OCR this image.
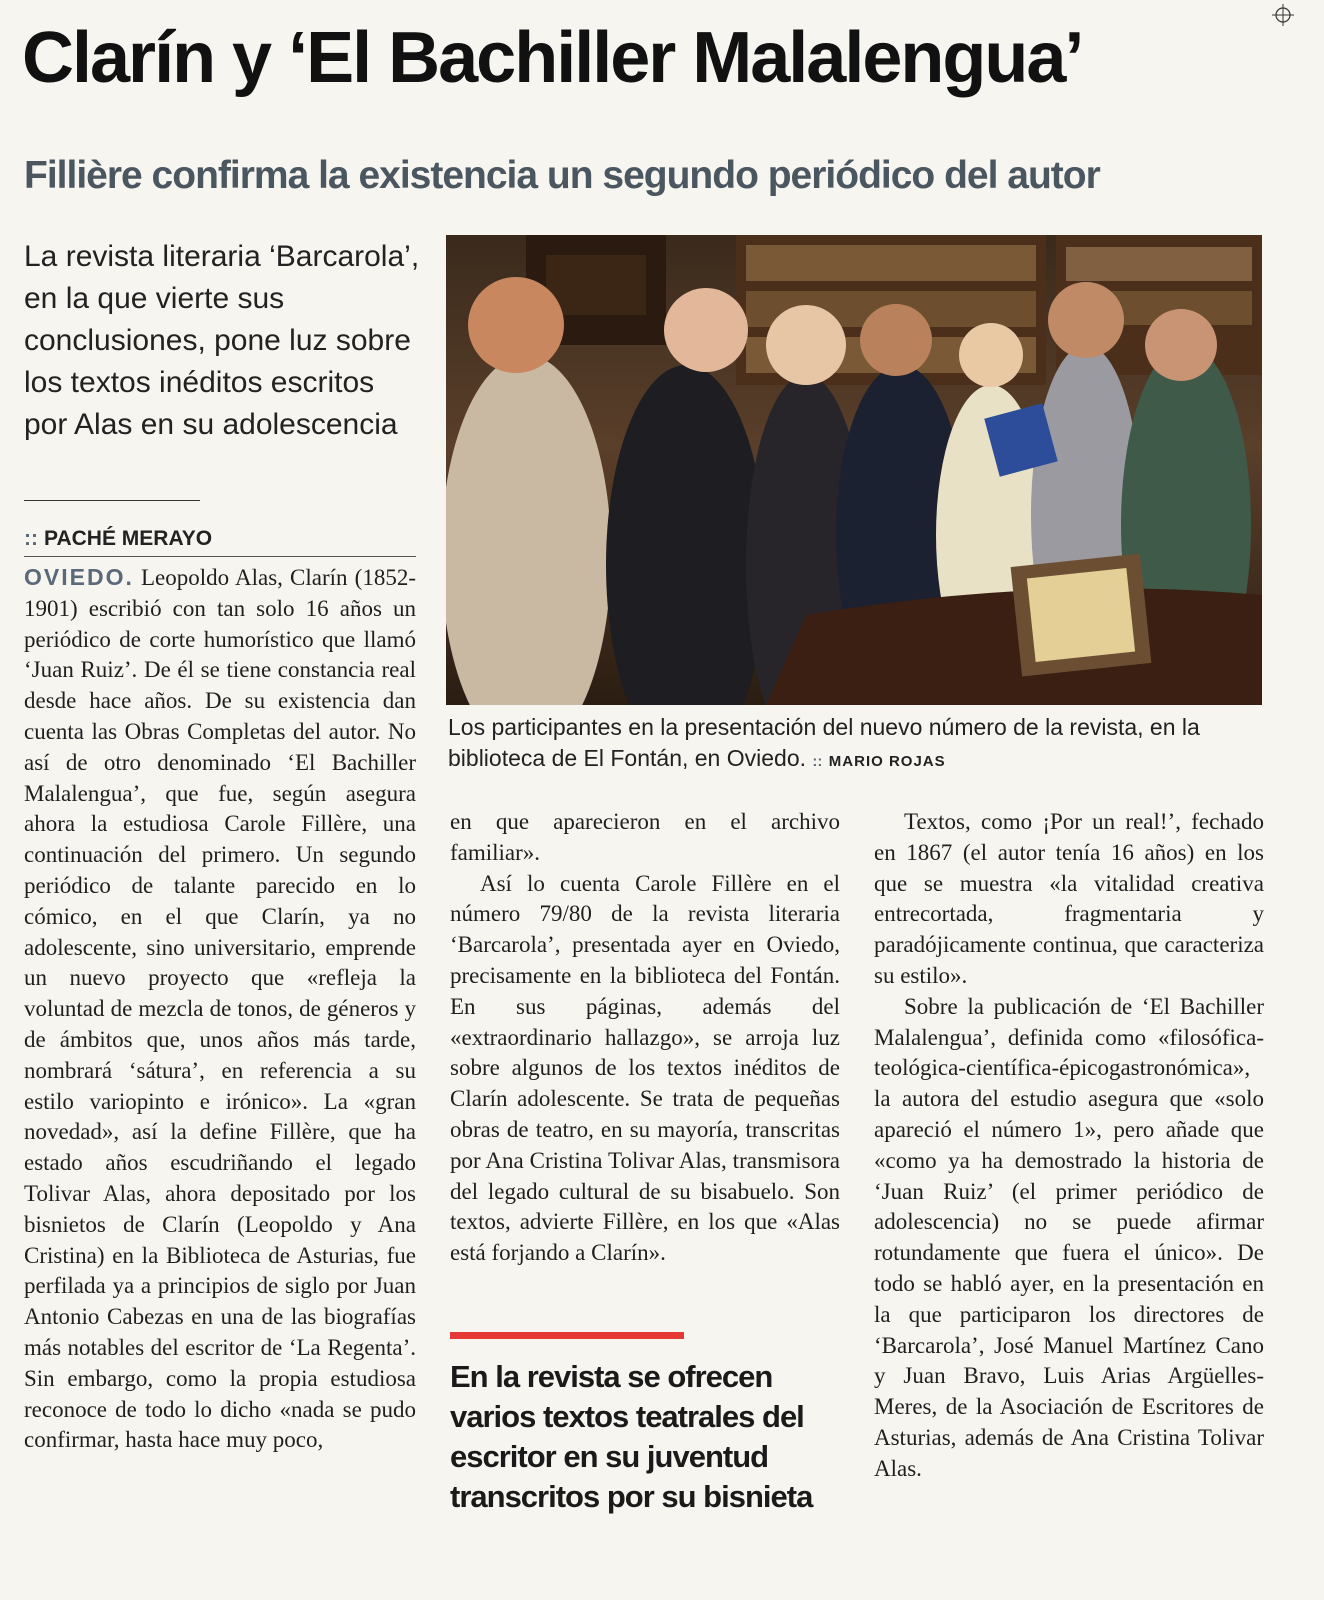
Clarín y ‘El Bachiller Malalengua’
Fillière confirma la existencia un segundo periódico del autor
La revista literaria ‘Barcarola’, en la que vierte sus conclusiones, pone luz sobre los textos inéditos escritos por Alas en su adolescencia
:: PACHÉ MERAYO

OVIEDO. Leopoldo Alas, Clarín (1852-1901) escribió con tan solo 16 años un periódico de corte humorístico que llamó ‘Juan Ruiz’. De él se tiene constancia real desde hace años. De su existencia dan cuenta las Obras Completas del autor. No así de otro denominado ‘El Bachiller Malalengua’, que fue, según asegura ahora la estudiosa Carole Fillère, una continuación del primero. Un segundo periódico de talante parecido en lo cómico, en el que Clarín, ya no adolescente, sino universitario, emprende un nuevo proyecto que «refleja la voluntad de mezcla de tonos, de géneros y de ámbitos que, unos años más tarde, nombrará ‘sátura’, en referencia a su estilo variopinto e irónico». La «gran novedad», así la define Fillère, que ha estado años escudriñando el legado Tolivar Alas, ahora depositado por los bisnietos de Clarín (Leopoldo y Ana Cristina) en la Biblioteca de Asturias, fue perfilada ya a principios de siglo por Juan Antonio Cabezas en una de las biografías más notables del escritor de ‘La Regenta’. Sin embargo, como la propia estudiosa reconoce de todo lo dicho «nada se pudo confirmar, hasta hace muy poco,

Los participantes en la presentación del nuevo número de la revista, en la biblioteca de El Fontán, en Oviedo. :: MARIO ROJAS

en que aparecieron en el archivo familiar».

Así lo cuenta Carole Fillère en el número 79/80 de la revista literaria ‘Barcarola’, presentada ayer en Oviedo, precisamente en la biblioteca del Fontán. En sus páginas, además del «extraordinario hallazgo», se arroja luz sobre algunos de los textos inéditos de Clarín adolescente. Se trata de pequeñas obras de teatro, en su mayoría, transcritas por Ana Cristina Tolivar Alas, transmisora del legado cultural de su bisabuelo. Son textos, advierte Fillère, en los que «Alas está forjando a Clarín».

En la revista se ofrecen varios textos teatrales del escritor en su juventud transcritos por su bisnieta

Textos, como ¡Por un real!’, fechado en 1867 (el autor tenía 16 años) en los que se muestra «la vitalidad creativa entrecortada, fragmentaria y paradójicamente continua, que caracteriza su estilo».

Sobre la publicación de ‘El Bachiller Malalengua’, definida como «filosófica-teológica-científica-épicogastronómica», la autora del estudio asegura que «solo apareció el número 1», pero añade que «como ya ha demostrado la historia de ‘Juan Ruiz’ (el primer periódico de adolescencia) no se puede afirmar rotundamente que fuera el único». De todo se habló ayer, en la presentación en la que participaron los directores de ‘Barcarola’, José Manuel Martínez Cano y Juan Bravo, Luis Arias Argüelles-Meres, de la Asociación de Escritores de Asturias, además de Ana Cristina Tolivar Alas.
